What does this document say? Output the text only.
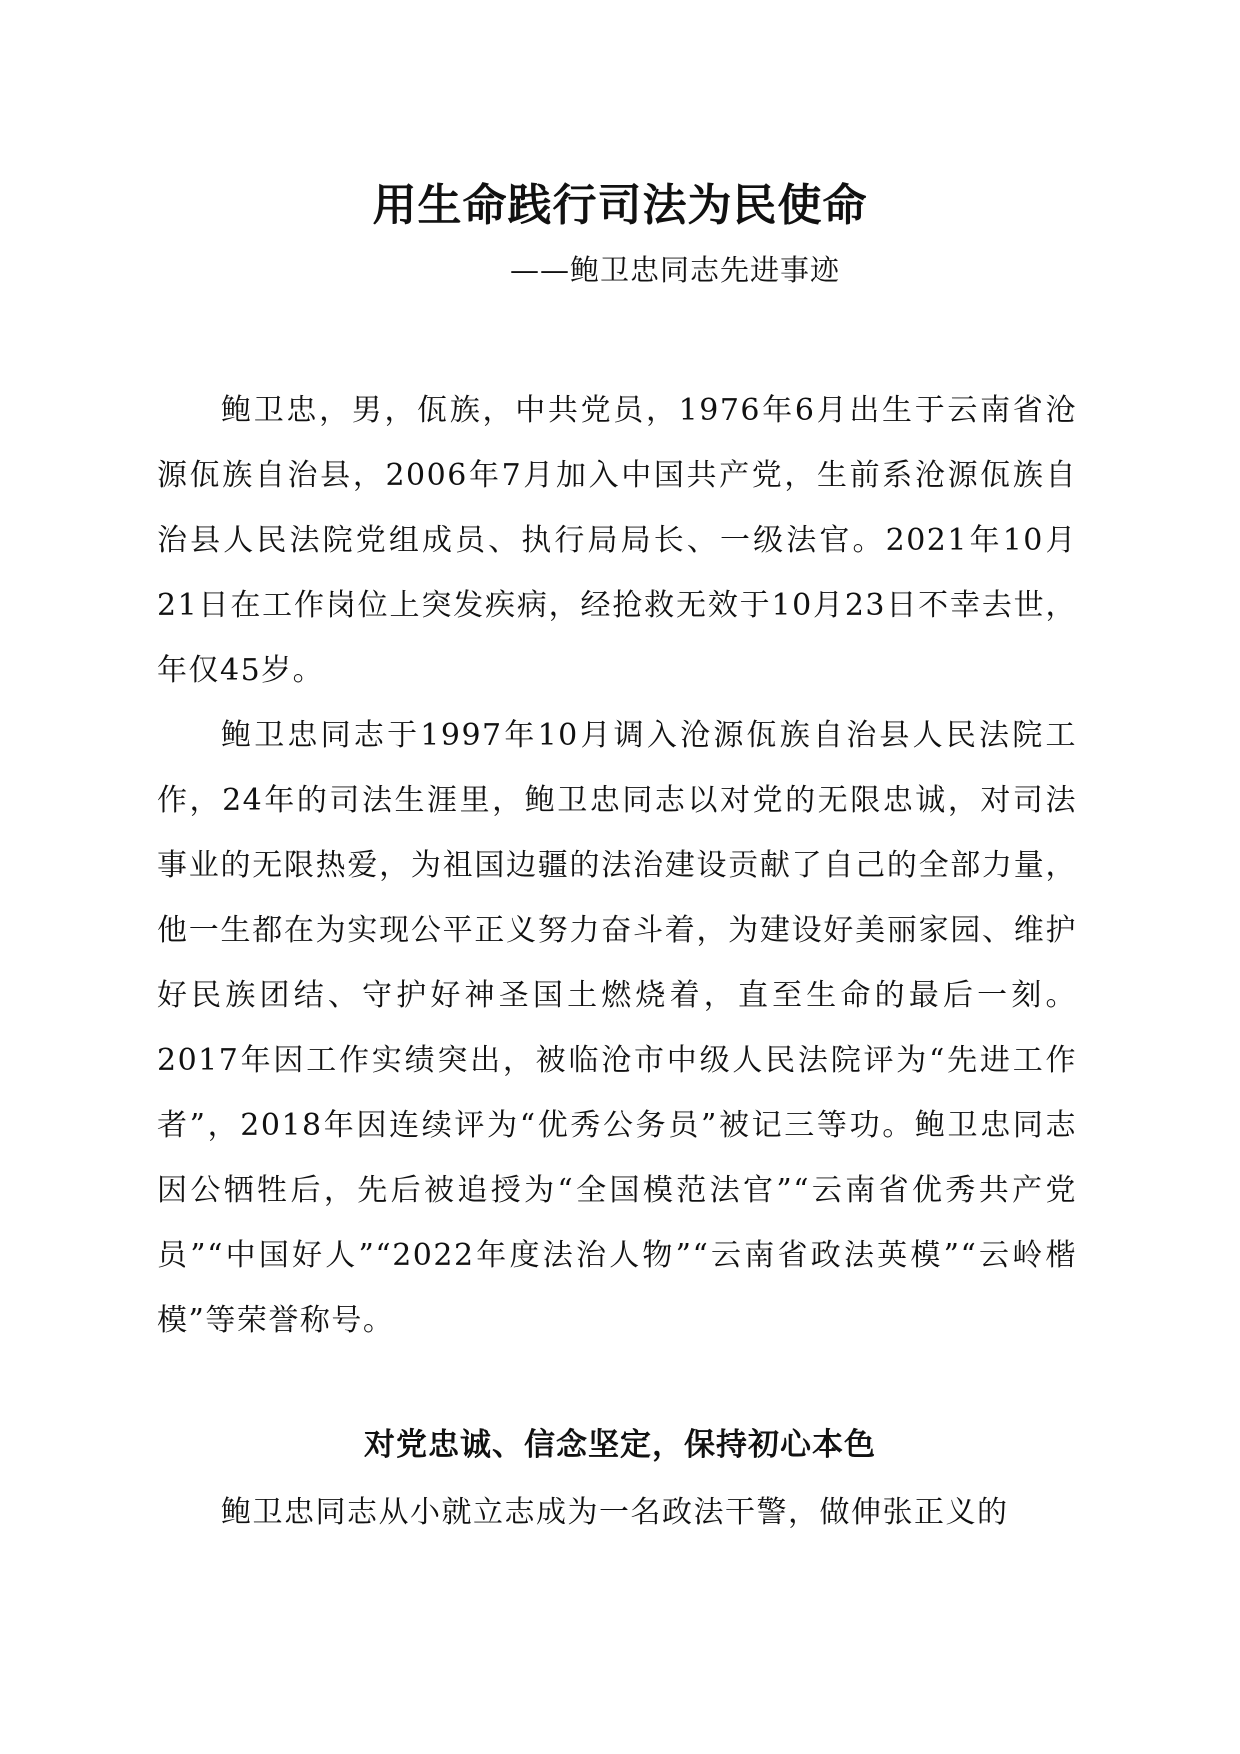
用生命践行司法为民使命

——鲍卫忠同志先进事迹

鲍卫忠，男，佤族，中共党员，1976年6月出生于云南省沧源佤族自治县，2006年7月加入中国共产党，生前系沧源佤族自治县人民法院党组成员、执行局局长、一级法官。2021年10月21日在工作岗位上突发疾病，经抢救无效于10月23日不幸去世，年仅45岁。

鲍卫忠同志于1997年10月调入沧源佤族自治县人民法院工作，24年的司法生涯里，鲍卫忠同志以对党的无限忠诚，对司法事业的无限热爱，为祖国边疆的法治建设贡献了自己的全部力量，他一生都在为实现公平正义努力奋斗着，为建设好美丽家园、维护好民族团结、守护好神圣国土燃烧着，直至生命的最后一刻。2017年因工作实绩突出，被临沧市中级人民法院评为“先进工作者”，2018年因连续评为“优秀公务员”被记三等功。鲍卫忠同志因公牺牲后，先后被追授为“全国模范法官”“云南省优秀共产党员”“中国好人”“2022年度法治人物”“云南省政法英模”“云岭楷模”等荣誉称号。

对党忠诚、信念坚定，保持初心本色

鲍卫忠同志从小就立志成为一名政法干警，做伸张正义的
